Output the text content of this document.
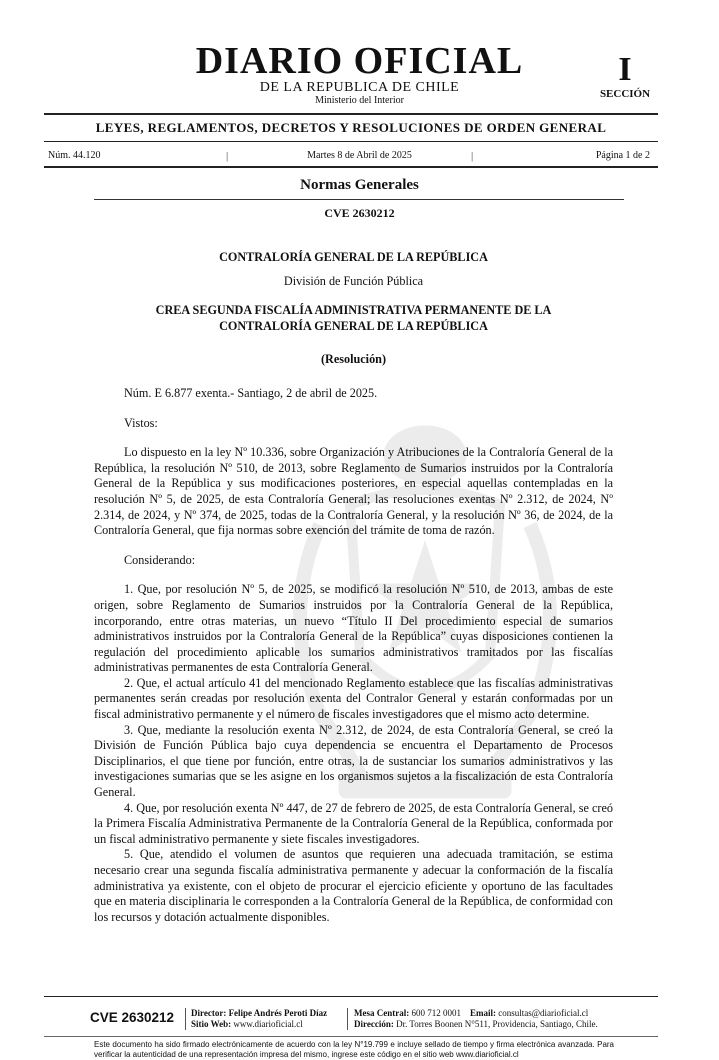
DIARIO OFICIAL
DE LA REPUBLICA DE CHILE
Ministerio del Interior
I
SECCIÓN
LEYES, REGLAMENTOS, DECRETOS Y RESOLUCIONES DE ORDEN GENERAL
Núm. 44.120	|	Martes 8 de Abril de 2025	|	Página 1 de 2
Normas Generales
CVE 2630212

CONTRALORÍA GENERAL DE LA REPÚBLICA

División de Función Pública

CREA SEGUNDA FISCALÍA ADMINISTRATIVA PERMANENTE DE LA

CONTRALORÍA GENERAL DE LA REPÚBLICA

(Resolución)

Núm. E 6.877 exenta.- Santiago, 2 de abril de 2025.

Vistos:

Lo dispuesto en la ley Nº 10.336, sobre Organización y Atribuciones de la Contraloría General de la República, la resolución Nº 510, de 2013, sobre Reglamento de Sumarios instruidos por la Contraloría General de la República y sus modificaciones posteriores, en especial aquellas contempladas en la resolución Nº 5, de 2025, de esta Contraloría General; las resoluciones exentas Nº 2.312, de 2024, Nº 2.314, de 2024, y Nº 374, de 2025, todas de la Contraloría General, y la resolución Nº 36, de 2024, de la Contraloría General, que fija normas sobre exención del trámite de toma de razón.

Considerando:

1. Que, por resolución Nº 5, de 2025, se modificó la resolución Nº 510, de 2013, ambas de este origen, sobre Reglamento de Sumarios instruidos por la Contraloría General de la República, incorporando, entre otras materias, un nuevo “Título II Del procedimiento especial de sumarios administrativos instruidos por la Contraloría General de la República” cuyas disposiciones contienen la regulación del procedimiento aplicable los sumarios administrativos tramitados por las fiscalías administrativas permanentes de esta Contraloría General.

2. Que, el actual artículo 41 del mencionado Reglamento establece que las fiscalías administrativas permanentes serán creadas por resolución exenta del Contralor General y estarán conformadas por un fiscal administrativo permanente y el número de fiscales investigadores que el mismo acto determine.

3. Que, mediante la resolución exenta Nº 2.312, de 2024, de esta Contraloría General, se creó la División de Función Pública bajo cuya dependencia se encuentra el Departamento de Procesos Disciplinarios, el que tiene por función, entre otras, la de sustanciar los sumarios administrativos y las investigaciones sumarias que se les asigne en los organismos sujetos a la fiscalización de esta Contraloría General.

4. Que, por resolución exenta Nº 447, de 27 de febrero de 2025, de esta Contraloría General, se creó la Primera Fiscalía Administrativa Permanente de la Contraloría General de la República, conformada por un fiscal administrativo permanente y siete fiscales investigadores.

5. Que, atendido el volumen de asuntos que requieren una adecuada tramitación, se estima necesario crear una segunda fiscalía administrativa permanente y adecuar la conformación de la fiscalía administrativa ya existente, con el objeto de procurar el ejercicio eficiente y oportuno de las facultades que en materia disciplinaria le corresponden a la Contraloría General de la República, de conformidad con los recursos y dotación actualmente disponibles.

CVE 2630212 Director: Felipe Andrés Peroti Díaz
Sitio Web: www.diarioficial.cl
Mesa Central: 600 712 0001 Email: consultas@diarioficial.cl
Dirección: Dr. Torres Boonen N°511, Providencia, Santiago, Chile.
Este documento ha sido firmado electrónicamente de acuerdo con la ley N°19.799 e incluye sellado de tiempo y firma electrónica avanzada. Para verificar la autenticidad de una representación impresa del mismo, ingrese este código en el sitio web www.diarioficial.cl
